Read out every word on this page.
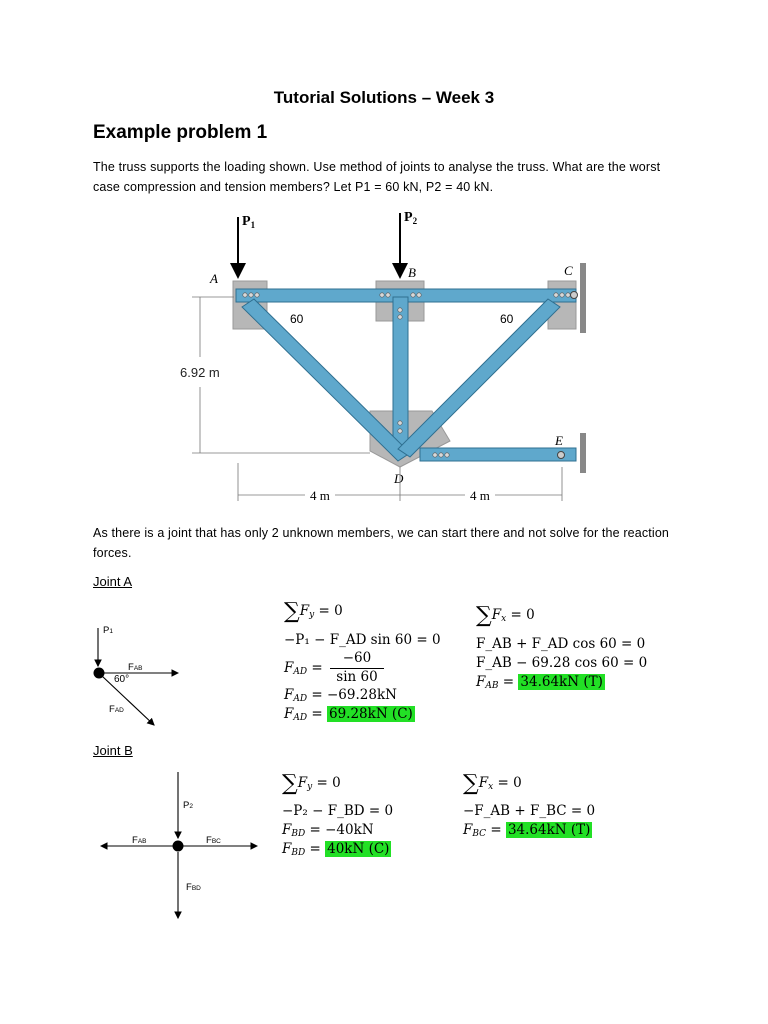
Tutorial Solutions – Week 3
Example problem 1
The truss supports the loading shown. Use method of joints to analyse the truss. What are the worst case compression and tension members? Let P1 = 60 kN, P2 = 40 kN.
$P_1$	$P_2$
A	B	C
D
E
60	60
6.92 m
4 m	4 m
As there is a joint that has only 2 unknown members, we can start there and not solve for the reaction forces.
Joint A
P1
FAB
60°
FAD
$\sum F_y = 0$
−P₁ − F_AD sin 60 = 0
$F_{AD}$ =
−60
sin 60
$F_{AD} = -69.28kN$
$F_{AD} = 69.28kN$ (C)
$\sum F_x = 0$
F_AB + F_AD cos 60 = 0
F_AB − 69.28 cos 60 = 0
$F_{AB} = 34.64kN$ (T)
Joint B
P2
FAB	FBC
FBD
$\sum F_y = 0$
−P₂ − F_BD = 0
$F_{BD} = -40kN$
$F_{BD} = 40kN$ (C)
$\sum F_x = 0$
−F_AB + F_BC = 0
$F_{BC} = 34.64kN$ (T)
